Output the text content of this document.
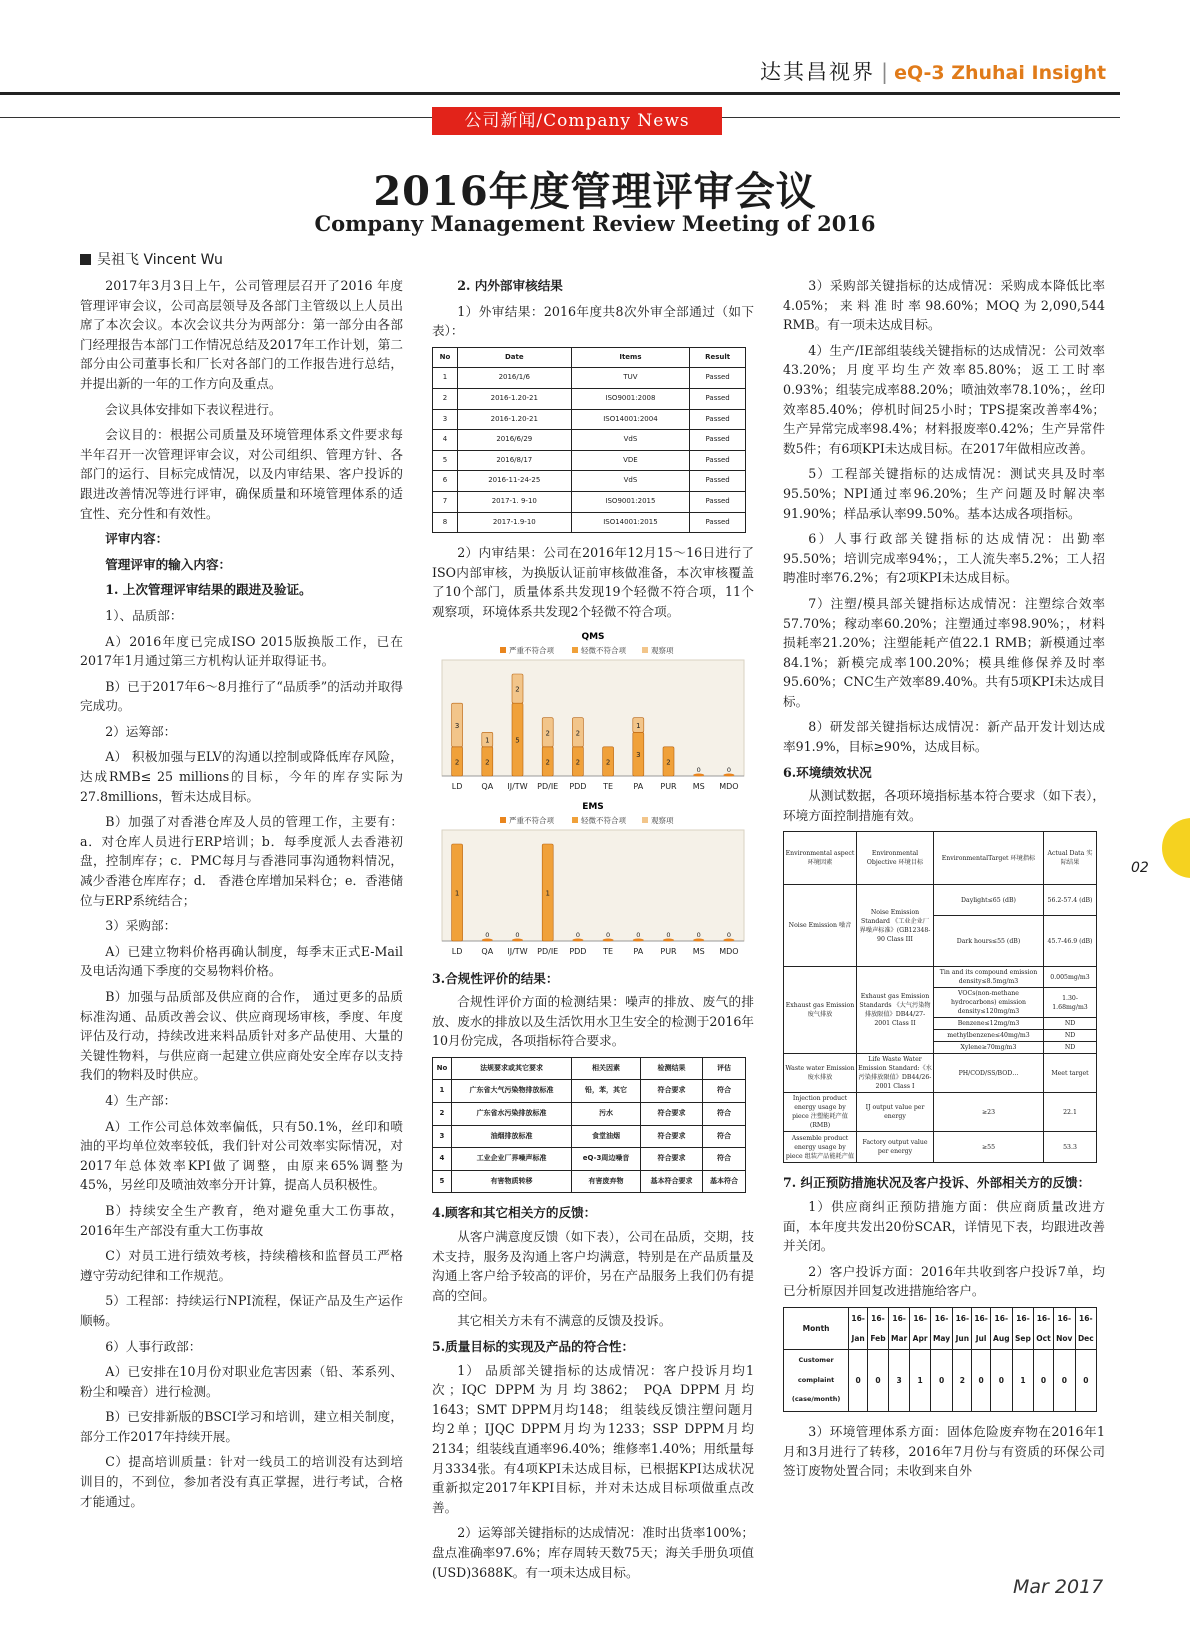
达其昌视界 | eQ-3 Zhuhai Insight
公司新闻/Company News
2016年度管理评审会议
Company Management Review Meeting of 2016
吴祖飞 Vincent Wu

2017年3月3日上午，公司管理层召开了2016 年度管理评审会议，公司高层领导及各部门主管级以上人员出席了本次会议。本次会议共分为两部分：第一部分由各部门经理报告本部门工作情况总结及2017年工作计划，第二部分由公司董事长和厂长对各部门的工作报告进行总结，并提出新的一年的工作方向及重点。

会议具体安排如下表议程进行。

会议目的：根据公司质量及环境管理体系文件要求每半年召开一次管理评审会议，对公司组织、管理方针、各部门的运行、目标完成情况，以及内审结果、客户投诉的跟进改善情况等进行评审，确保质量和环境管理体系的适宜性、充分性和有效性。

评审内容：

管理评审的输入内容：

1. 上次管理评审结果的跟进及验证。

1）、品质部：

A）2016年度已完成ISO 2015版换版工作，已在2017年1月通过第三方机构认证并取得证书。

B）已于2017年6～8月推行了“品质季”的活动并取得完成功。

2）运筹部：

A） 积极加强与ELV的沟通以控制或降低库存风险，达成RMB≤ 25 millions的目标，今年的库存实际为27.8millions，暂未达成目标。

B）加强了对香港仓库及人员的管理工作，主要有：a．对仓库人员进行ERP培训；b．每季度派人去香港初盘，控制库存；c．PMC每月与香港同事沟通物料情况，减少香港仓库库存；d． 香港仓库增加呆料仓；e．香港储位与ERP系统结合；

3）采购部：

A）已建立物料价格再确认制度，每季末正式E-Mail及电话沟通下季度的交易物料价格。

B）加强与品质部及供应商的合作， 通过更多的品质标准沟通、品质改善会议、供应商现场审核，季度、年度评估及行动，持续改进来料品质针对多产品使用、大量的关键性物料，与供应商一起建立供应商处安全库存以支持我们的物料及时供应。

4）生产部：

A）工作公司总体效率偏低，只有50.1%，丝印和喷油的平均单位效率较低，我们针对公司效率实际情况，对2017年总体效率KPI做了调整，由原来65%调整为45%，另丝印及喷油效率分开计算，提高人员积极性。

B）持续安全生产教育，绝对避免重大工伤事故，2016年生产部没有重大工伤事故

C）对员工进行绩效考核，持续稽核和监督员工严格遵守劳动纪律和工作规范。

5）工程部：持续运行NPI流程，保证产品及生产运作顺畅。

6）人事行政部：

A）已安排在10月份对职业危害因素（铅、苯系列、粉尘和噪音）进行检测。

B）已安排新版的BSCI学习和培训，建立相关制度，部分工作2017年持续开展。

C）提高培训质量：针对一线员工的培训没有达到培训目的，不到位，参加者没有真正掌握，进行考试，合格才能通过。

2. 内外部审核结果

1）外审结果：2016年度共8次外审全部通过（如下表）：

No	Date	Items	Result
1	2016/1/6	TUV	Passed
2	2016-1.20-21	ISO9001:2008	Passed
3	2016-1.20-21	ISO14001:2004	Passed
4	2016/6/29	VdS	Passed
5	2016/8/17	VDE	Passed
6	2016-11-24-25	VdS	Passed
7	2017-1. 9-10	ISO9001:2015	Passed
8	2017-1.9-10	ISO14001:2015	Passed

2）内审结果：公司在2016年12月15～16日进行了ISO内部审核，为换版认证前审核做准备，本次审核覆盖了10个部门，质量体系共发现19个轻微不符合项，11个观察项，环境体系共发现2个轻微不符合项。

QMS
严重不符合项	轻微不符合项	观察项
2
3
LD
2
1
QA
5
2
IJ/TW
2
2
PD/IE
2
2
PDD
2
TE
3
1
PA
2
PUR
0
MS
0
MDO
EMS
严重不符合项	轻微不符合项	观察项
1
LD
0
QA
0
IJ/TW
1
PD/IE
0
PDD
0
TE
0
PA
0
PUR
0
MS
0
MDO

3.合规性评价的结果：

合规性评价方面的检测结果：噪声的排放、废气的排放、废水的排放以及生活饮用水卫生安全的检测于2016年10月份完成，各项指标符合要求。

No	法规要求或其它要求	相关因素	检测结果	评估
1	广东省大气污染物排放标准	铅，苯，其它	符合要求	符合
2	广东省水污染排放标准	污水	符合要求	符合
3	油烟排放标准	食堂油烟	符合要求	符合
4	工业企业厂界噪声标准	eQ-3周边噪音	符合要求	符合
5	有害物质转移	有害废弃物	基本符合要求	基本符合

4.顾客和其它相关方的反馈：

从客户满意度反馈（如下表），公司在品质，交期，技术支持，服务及沟通上客户均满意，特别是在产品质量及沟通上客户给予较高的评价，另在产品服务上我们仍有提高的空间。

其它相关方未有不满意的反馈及投诉。

5.质量目标的实现及产品的符合性：

1） 品质部关键指标的达成情况：客户投诉月均1次；IQC DPPM为月均3862； PQA DPPM月均1643；SMT DPPM月均148； 组装线反馈注塑问题月均2单；IJQC DPPM月均为1233；SSP DPPM月均2134；组装线直通率96.40%；维修率1.40%；用纸量每月3334张。有4项KPI未达成目标，已根据KPI达成状况重新拟定2017年KPI目标，并对未达成目标项做重点改善。

2）运筹部关键指标的达成情况：准时出货率100%；盘点准确率97.6%；库存周转天数75天；海关手册负项值(USD)3688K。有一项未达成目标。

3）采购部关键指标的达成情况：采购成本降低比率4.05%；来料准时率98.60%；MOQ为2,090,544 RMB。有一项未达成目标。

4）生产/IE部组装线关键指标的达成情况：公司效率43.20%；月度平均生产效率85.80%；返工工时率0.93%；组装完成率88.20%；喷油效率78.10%；，丝印效率85.40%；停机时间25小时；TPS提案改善率4%；生产异常完成率98.4%；材料报废率0.42%；生产异常件数5件；有6项KPI未达成目标。在2017年做相应改善。

5）工程部关键指标的达成情况：测试夹具及时率95.50%；NPI通过率96.20%；生产问题及时解决率91.90%；样品承认率99.50%。基本达成各项指标。

6）人事行政部关键指标的达成情况：出勤率95.50%；培训完成率94%；，工人流失率5.2%；工人招聘准时率76.2%；有2项KPI未达成目标。

7）注塑/模具部关键指标达成情况：注塑综合效率57.70%；稼动率60.20%；注塑通过率98.90%；，材料损耗率21.20%；注塑能耗产值22.1 RMB；新模通过率84.1%；新模完成率100.20%；模具维修保养及时率95.60%；CNC生产效率89.40%。共有5项KPI未达成目标。

8）研发部关键指标达成情况：新产品开发计划达成率91.9%，目标≥90%，达成目标。

6.环境绩效状况

从测试数据，各项环境指标基本符合要求（如下表），环境方面控制措施有效。

Environmental aspect 环境因素	Environmental Objective 环境目标	EnvironmentalTarget 环境指标	Actual Data 实际结果
Noise Emission 噪音	Noise Emission Standard 《工业企业厂界噪声标准》(GB12348-90 Class III	Daylight≤65 (dB)	56.2-57.4 (dB)
		Dark hours≤55 (dB)	45.7-46.9 (dB)
Exhaust gas Emission 废气排放	Exhaust gas Emission Standards 《大气污染物排放限值》DB44/27-2001 Class II	Tin and its compound emission density≤8.5mg/m3	0.005mg/m3
		VOCs(non-methane hydrocarbons) emission density≤120mg/m3	1.30-1.68mg/m3
		Benzene≤12mg/m3	ND
		methylbenzene≤40mg/m3	ND
		Xylene≥70mg/m3	ND
Waste water Emission 废水排放	Life Waste Water Emission Standard:《水污染排放限值》DB44/26-2001 Class I	PH/COD/SS/BOD…	Meet target
Injection product energy usage by piece 注塑能耗产值(RMB)	IJ output value per energy	≥23	22.1
Assemble product energy usage by piece 组装产品能耗产值	Factory output value per energy	≥55	53.3

7. 纠正预防措施状况及客户投诉、外部相关方的反馈：

1）供应商纠正预防措施方面：供应商质量改进方面，本年度共发出20份SCAR，详情见下表，均跟进改善并关闭。

2）客户投诉方面：2016年共收到客户投诉7单，均已分析原因并回复改进措施给客户。

Month	16-Jan	16-Feb	16-Mar	16-Apr	16-May	16-Jun	16-Jul	16-Aug	16-Sep	16-Oct	16-Nov	16-Dec
Customer complaint (case/month)	0	0	3	1	0	2	0	0	1	0	0	0

3）环境管理体系方面：固体危险废弃物在2016年1月和3月进行了转移，2016年7月份与有资质的环保公司签订废物处置合同；未收到来自外

02
Mar 2017
